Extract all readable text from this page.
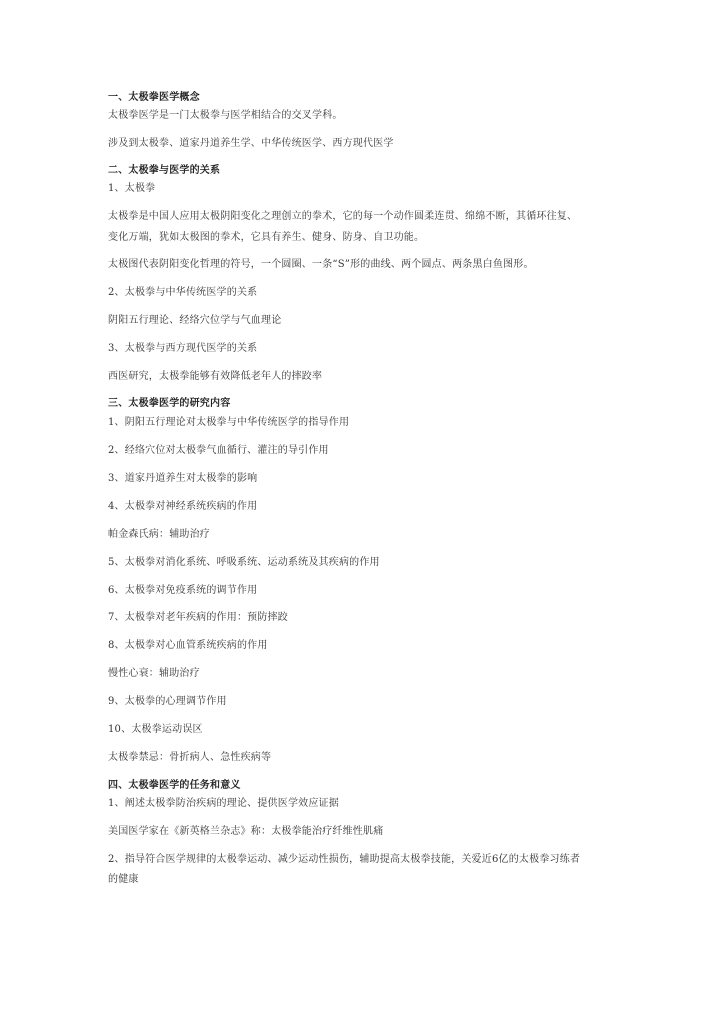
一、太极拳医学概念
太极拳医学是一门太极拳与医学相结合的交叉学科。
涉及到太极拳、道家丹道养生学、中华传统医学、西方现代医学
二、太极拳与医学的关系
1、太极拳
太极拳是中国人应用太极阴阳变化之理创立的拳术，它的每一个动作圆柔连贯、绵绵不断，其循环往复、
变化万端，犹如太极图的拳术，它具有养生、健身、防身、自卫功能。
太极图代表阴阳变化哲理的符号，一个圆圈、一条“S”形的曲线、两个圆点、两条黑白鱼图形。
2、太极拳与中华传统医学的关系
阴阳五行理论、经络穴位学与气血理论
3、太极拳与西方现代医学的关系
西医研究，太极拳能够有效降低老年人的摔跤率
三、太极拳医学的研究内容
1、阴阳五行理论对太极拳与中华传统医学的指导作用
2、经络穴位对太极拳气血循行、灌注的导引作用
3、道家丹道养生对太极拳的影响
4、太极拳对神经系统疾病的作用
帕金森氏病：辅助治疗
5、太极拳对消化系统、呼吸系统、运动系统及其疾病的作用
6、太极拳对免疫系统的调节作用
7、太极拳对老年疾病的作用：预防摔跤
8、太极拳对心血管系统疾病的作用
慢性心衰：辅助治疗
9、太极拳的心理调节作用
10、太极拳运动误区
太极拳禁忌：骨折病人、急性疾病等
四、太极拳医学的任务和意义
1、阐述太极拳防治疾病的理论、提供医学效应证据
美国医学家在《新英格兰杂志》称：太极拳能治疗纤维性肌痛
2、指导符合医学规律的太极拳运动、减少运动性损伤，辅助提高太极拳技能，关爱近6亿的太极拳习练者
的健康
